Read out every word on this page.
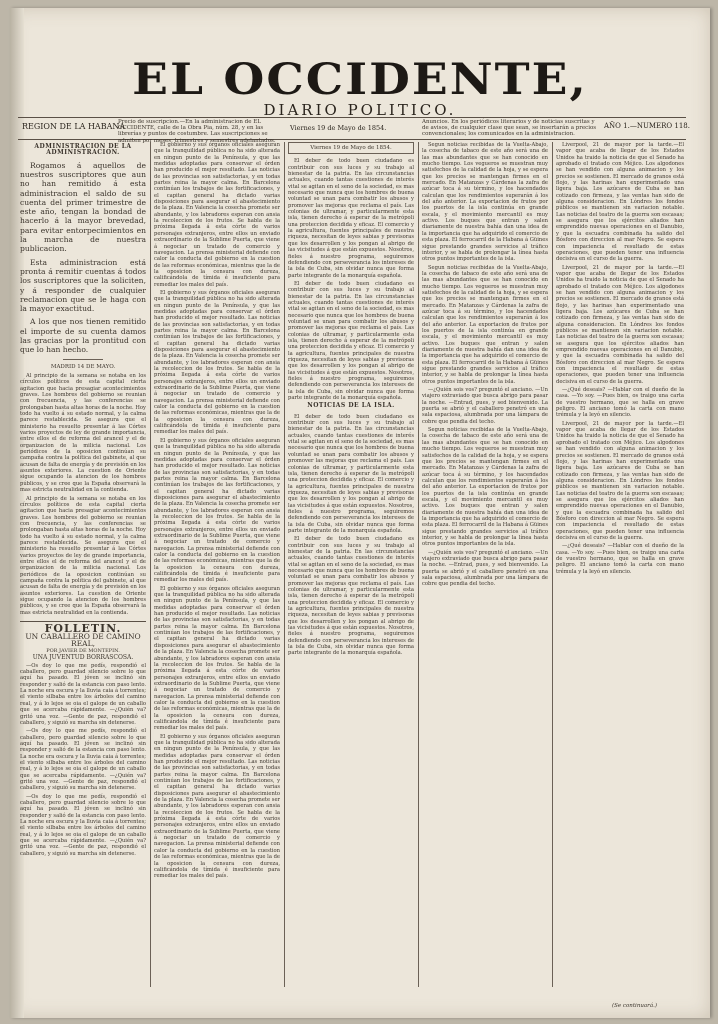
EL OCCIDENTE,
DIARIO POLITICO.
REGION DE LA HABANA
Precio de suscripcion.—En la administracion de EL OCCIDENTE, calle de la Obra Pia, núm. 28, y en las librerías y puntos de costumbre. Las suscripciones se admiten por meses, trimestres y semestres adelantados.
Viernes 19 de Mayo de 1854.
Anuncios. En los periódicos literarios y de noticias suscritas y de avisos, de cualquier clase que sean, se insertarán a precios convencionales; los comunicados en la administracion.
AÑO 1.—NUMERO 118.
ADMINISTRACION DE LA ADMINISTRACION.
Rogamos á aquellos de nuestros suscriptores que aun no han remitido á esta administracion el saldo de su cuenta del primer trimestre de este año, tengan la bondad de hacerlo á la mayor brevedad, para evitar entorpecimientos en la marcha de nuestra publicacion.
Esta administracion está pronta á remitir cuentas á todos los suscriptores que la soliciten, y á responder de cualquier reclamacion que se le haga con la mayor exactitud.
A los que nos tienen remitido el importe de su cuenta damos las gracias por la prontitud con que lo han hecho.
MADRID 14 DE MAYO.

Al principio de la semana se notaba en los círculos políticos de esta capital cierta agitacion que hacia presagiar acontecimientos graves. Los hombres del gobierno se reunian con frecuencia, y las conferencias se prolongaban hasta altas horas de la noche. Hoy todo ha vuelto á su estado normal, y la calma parece restablecida. Se asegura que el ministerio ha resuelto presentar á las Córtes varios proyectos de ley de grande importancia, entre ellos el de reforma del arancel y el de organizacion de la milicia nacional. Los periódicos de la oposicion continúan su campaña contra la política del gabinete, al que acusan de falta de energía y de previsión en los asuntos exteriores. La cuestion de Oriente sigue ocupando la atencion de los hombres públicos, y se cree que la España observará la mas estricta neutralidad en la contienda.

Al principio de la semana se notaba en los círculos políticos de esta capital cierta agitacion que hacia presagiar acontecimientos graves. Los hombres del gobierno se reunian con frecuencia, y las conferencias se prolongaban hasta altas horas de la noche. Hoy todo ha vuelto á su estado normal, y la calma parece restablecida. Se asegura que el ministerio ha resuelto presentar á las Córtes varios proyectos de ley de grande importancia, entre ellos el de reforma del arancel y el de organizacion de la milicia nacional. Los periódicos de la oposicion continúan su campaña contra la política del gabinete, al que acusan de falta de energía y de previsión en los asuntos exteriores. La cuestion de Oriente sigue ocupando la atencion de los hombres públicos, y se cree que la España observará la mas estricta neutralidad en la contienda.

FOLLETIN.
UN CABALLERO DE CAMINO REAL,
POR JAVIER DE MONTEPIN.
UNA JUVENTUD BORRASCOSA.

—Os doy lo que me pedís, respondió el caballero, pero guardad silencio sobre lo que aquí ha pasado. El jóven se inclinó sin responder y salió de la estancia con paso lento. La noche era oscura y la lluvia caia á torrentes; el viento silbaba entre los árboles del camino real, y á lo lejos se oia el galope de un caballo que se acercaba rápidamente. —¿Quién va? gritó una voz. —Gente de paz, respondió el caballero, y siguió su marcha sin detenerse.

—Os doy lo que me pedís, respondió el caballero, pero guardad silencio sobre lo que aquí ha pasado. El jóven se inclinó sin responder y salió de la estancia con paso lento. La noche era oscura y la lluvia caia á torrentes; el viento silbaba entre los árboles del camino real, y á lo lejos se oia el galope de un caballo que se acercaba rápidamente. —¿Quién va? gritó una voz. —Gente de paz, respondió el caballero, y siguió su marcha sin detenerse.

—Os doy lo que me pedís, respondió el caballero, pero guardad silencio sobre lo que aquí ha pasado. El jóven se inclinó sin responder y salió de la estancia con paso lento. La noche era oscura y la lluvia caia á torrentes; el viento silbaba entre los árboles del camino real, y á lo lejos se oia el galope de un caballo que se acercaba rápidamente. —¿Quién va? gritó una voz. —Gente de paz, respondió el caballero, y siguió su marcha sin detenerse.

El gobierno y sus órganos oficiales aseguran que la tranquilidad pública no ha sido alterada en ningun punto de la Península, y que las medidas adoptadas para conservar el órden han producido el mejor resultado. Las noticias de las provincias son satisfactorias, y en todas partes reina la mayor calma. En Barcelona continúan los trabajos de las fortificaciones, y el capitan general ha dictado varias disposiciones para asegurar el abastecimiento de la plaza. En Valencia la cosecha promete ser abundante, y los labradores esperan con ansia la recoleccion de los frutos. Se habla de la próxima llegada á esta córte de varios personajes extranjeros, entre ellos un enviado extraordinario de la Sublime Puerta, que viene á negociar un tratado de comercio y navegacion. La prensa ministerial defiende con calor la conducta del gobierno en la cuestion de las reformas económicas, mientras que la de la oposicion la censura con dureza, calificándola de tímida é insuficiente para remediar los males del país.

El gobierno y sus órganos oficiales aseguran que la tranquilidad pública no ha sido alterada en ningun punto de la Península, y que las medidas adoptadas para conservar el órden han producido el mejor resultado. Las noticias de las provincias son satisfactorias, y en todas partes reina la mayor calma. En Barcelona continúan los trabajos de las fortificaciones, y el capitan general ha dictado varias disposiciones para asegurar el abastecimiento de la plaza. En Valencia la cosecha promete ser abundante, y los labradores esperan con ansia la recoleccion de los frutos. Se habla de la próxima llegada á esta córte de varios personajes extranjeros, entre ellos un enviado extraordinario de la Sublime Puerta, que viene á negociar un tratado de comercio y navegacion. La prensa ministerial defiende con calor la conducta del gobierno en la cuestion de las reformas económicas, mientras que la de la oposicion la censura con dureza, calificándola de tímida é insuficiente para remediar los males del país.

El gobierno y sus órganos oficiales aseguran que la tranquilidad pública no ha sido alterada en ningun punto de la Península, y que las medidas adoptadas para conservar el órden han producido el mejor resultado. Las noticias de las provincias son satisfactorias, y en todas partes reina la mayor calma. En Barcelona continúan los trabajos de las fortificaciones, y el capitan general ha dictado varias disposiciones para asegurar el abastecimiento de la plaza. En Valencia la cosecha promete ser abundante, y los labradores esperan con ansia la recoleccion de los frutos. Se habla de la próxima llegada á esta córte de varios personajes extranjeros, entre ellos un enviado extraordinario de la Sublime Puerta, que viene á negociar un tratado de comercio y navegacion. La prensa ministerial defiende con calor la conducta del gobierno en la cuestion de las reformas económicas, mientras que la de la oposicion la censura con dureza, calificándola de tímida é insuficiente para remediar los males del país.

El gobierno y sus órganos oficiales aseguran que la tranquilidad pública no ha sido alterada en ningun punto de la Península, y que las medidas adoptadas para conservar el órden han producido el mejor resultado. Las noticias de las provincias son satisfactorias, y en todas partes reina la mayor calma. En Barcelona continúan los trabajos de las fortificaciones, y el capitan general ha dictado varias disposiciones para asegurar el abastecimiento de la plaza. En Valencia la cosecha promete ser abundante, y los labradores esperan con ansia la recoleccion de los frutos. Se habla de la próxima llegada á esta córte de varios personajes extranjeros, entre ellos un enviado extraordinario de la Sublime Puerta, que viene á negociar un tratado de comercio y navegacion. La prensa ministerial defiende con calor la conducta del gobierno en la cuestion de las reformas económicas, mientras que la de la oposicion la censura con dureza, calificándola de tímida é insuficiente para remediar los males del país.

El gobierno y sus órganos oficiales aseguran que la tranquilidad pública no ha sido alterada en ningun punto de la Península, y que las medidas adoptadas para conservar el órden han producido el mejor resultado. Las noticias de las provincias son satisfactorias, y en todas partes reina la mayor calma. En Barcelona continúan los trabajos de las fortificaciones, y el capitan general ha dictado varias disposiciones para asegurar el abastecimiento de la plaza. En Valencia la cosecha promete ser abundante, y los labradores esperan con ansia la recoleccion de los frutos. Se habla de la próxima llegada á esta córte de varios personajes extranjeros, entre ellos un enviado extraordinario de la Sublime Puerta, que viene á negociar un tratado de comercio y navegacion. La prensa ministerial defiende con calor la conducta del gobierno en la cuestion de las reformas económicas, mientras que la de la oposicion la censura con dureza, calificándola de tímida é insuficiente para remediar los males del país.

Viernes 19 de Mayo de 1854.

El deber de todo buen ciudadano es contribuir con sus luces y su trabajo al bienestar de la patria. En las circunstancias actuales, cuando tantas cuestiones de interés vital se agitan en el seno de la sociedad, es mas necesario que nunca que los hombres de buena voluntad se unan para combatir los abusos y promover las mejoras que reclama el país. Las colonias de ultramar, y particularmente esta isla, tienen derecho á esperar de la metrópoli una proteccion decidida y eficaz. El comercio y la agricultura, fuentes principales de nuestra riqueza, necesitan de leyes sabias y previsoras que los desarrollen y los pongan al abrigo de las vicisitudes á que están expuestos. Nosotros, fieles á nuestro programa, seguiremos defendiendo con perseverancia los intereses de la isla de Cuba, sin olvidar nunca que forma parte integrante de la monarquía española.

El deber de todo buen ciudadano es contribuir con sus luces y su trabajo al bienestar de la patria. En las circunstancias actuales, cuando tantas cuestiones de interés vital se agitan en el seno de la sociedad, es mas necesario que nunca que los hombres de buena voluntad se unan para combatir los abusos y promover las mejoras que reclama el país. Las colonias de ultramar, y particularmente esta isla, tienen derecho á esperar de la metrópoli una proteccion decidida y eficaz. El comercio y la agricultura, fuentes principales de nuestra riqueza, necesitan de leyes sabias y previsoras que los desarrollen y los pongan al abrigo de las vicisitudes á que están expuestos. Nosotros, fieles á nuestro programa, seguiremos defendiendo con perseverancia los intereses de la isla de Cuba, sin olvidar nunca que forma parte integrante de la monarquía española.

NOTICIAS DE LA ISLA.

El deber de todo buen ciudadano es contribuir con sus luces y su trabajo al bienestar de la patria. En las circunstancias actuales, cuando tantas cuestiones de interés vital se agitan en el seno de la sociedad, es mas necesario que nunca que los hombres de buena voluntad se unan para combatir los abusos y promover las mejoras que reclama el país. Las colonias de ultramar, y particularmente esta isla, tienen derecho á esperar de la metrópoli una proteccion decidida y eficaz. El comercio y la agricultura, fuentes principales de nuestra riqueza, necesitan de leyes sabias y previsoras que los desarrollen y los pongan al abrigo de las vicisitudes á que están expuestos. Nosotros, fieles á nuestro programa, seguiremos defendiendo con perseverancia los intereses de la isla de Cuba, sin olvidar nunca que forma parte integrante de la monarquía española.

El deber de todo buen ciudadano es contribuir con sus luces y su trabajo al bienestar de la patria. En las circunstancias actuales, cuando tantas cuestiones de interés vital se agitan en el seno de la sociedad, es mas necesario que nunca que los hombres de buena voluntad se unan para combatir los abusos y promover las mejoras que reclama el país. Las colonias de ultramar, y particularmente esta isla, tienen derecho á esperar de la metrópoli una proteccion decidida y eficaz. El comercio y la agricultura, fuentes principales de nuestra riqueza, necesitan de leyes sabias y previsoras que los desarrollen y los pongan al abrigo de las vicisitudes á que están expuestos. Nosotros, fieles á nuestro programa, seguiremos defendiendo con perseverancia los intereses de la isla de Cuba, sin olvidar nunca que forma parte integrante de la monarquía española.

Segun noticias recibidas de la Vuelta-Abajo, la cosecha de tabaco de este año será una de las mas abundantes que se han conocido en mucho tiempo. Los vegueros se muestran muy satisfechos de la calidad de la hoja, y se espera que los precios se mantengan firmes en el mercado. En Matanzas y Cárdenas la zafra de azúcar toca á su término, y los hacendados calculan que los rendimientos superarán á los del año anterior. La exportacion de frutos por los puertos de la isla continúa en grande escala, y el movimiento mercantil es muy activo. Los buques que entran y salen diariamente de nuestra bahía dan una idea de la importancia que ha adquirido el comercio de esta plaza. El ferrocarril de la Habana á Güines sigue prestando grandes servicios al tráfico interior, y se habla de prolongar la línea hasta otros puntos importantes de la isla.

Segun noticias recibidas de la Vuelta-Abajo, la cosecha de tabaco de este año será una de las mas abundantes que se han conocido en mucho tiempo. Los vegueros se muestran muy satisfechos de la calidad de la hoja, y se espera que los precios se mantengan firmes en el mercado. En Matanzas y Cárdenas la zafra de azúcar toca á su término, y los hacendados calculan que los rendimientos superarán á los del año anterior. La exportacion de frutos por los puertos de la isla continúa en grande escala, y el movimiento mercantil es muy activo. Los buques que entran y salen diariamente de nuestra bahía dan una idea de la importancia que ha adquirido el comercio de esta plaza. El ferrocarril de la Habana á Güines sigue prestando grandes servicios al tráfico interior, y se habla de prolongar la línea hasta otros puntos importantes de la isla.

—¿Quién sois vos? preguntó el anciano. —Un viajero extraviado que busca abrigo para pasar la noche. —Entrad, pues, y sed bienvenido. La puerta se abrió y el caballero penetró en una sala espaciosa, alumbrada por una lámpara de cobre que pendia del techo.

Segun noticias recibidas de la Vuelta-Abajo, la cosecha de tabaco de este año será una de las mas abundantes que se han conocido en mucho tiempo. Los vegueros se muestran muy satisfechos de la calidad de la hoja, y se espera que los precios se mantengan firmes en el mercado. En Matanzas y Cárdenas la zafra de azúcar toca á su término, y los hacendados calculan que los rendimientos superarán á los del año anterior. La exportacion de frutos por los puertos de la isla continúa en grande escala, y el movimiento mercantil es muy activo. Los buques que entran y salen diariamente de nuestra bahía dan una idea de la importancia que ha adquirido el comercio de esta plaza. El ferrocarril de la Habana á Güines sigue prestando grandes servicios al tráfico interior, y se habla de prolongar la línea hasta otros puntos importantes de la isla.

—¿Quién sois vos? preguntó el anciano. —Un viajero extraviado que busca abrigo para pasar la noche. —Entrad, pues, y sed bienvenido. La puerta se abrió y el caballero penetró en una sala espaciosa, alumbrada por una lámpara de cobre que pendia del techo.

Liverpool, 21 de mayor por la tarde.—El vapor que acaba de llegar de los Estados Unidos ha traido la noticia de que el Senado ha aprobado el tratado con Méjico. Los algodones se han vendido con alguna animacion y los precios se sostienen. El mercado de granos está flojo, y las harinas han experimentado una ligera baja. Los azúcares de Cuba se han cotizado con firmeza, y las ventas han sido de alguna consideracion. En Lóndres los fondos públicos se mantienen sin variacion notable. Las noticias del teatro de la guerra son escasas; se asegura que los ejércitos aliados han emprendido nuevas operaciones en el Danubio, y que la escuadra combinada ha salido del Bósforo con direccion al mar Negro. Se espera con impaciencia el resultado de estas operaciones, que pueden tener una influencia decisiva en el curso de la guerra.

Liverpool, 21 de mayor por la tarde.—El vapor que acaba de llegar de los Estados Unidos ha traido la noticia de que el Senado ha aprobado el tratado con Méjico. Los algodones se han vendido con alguna animacion y los precios se sostienen. El mercado de granos está flojo, y las harinas han experimentado una ligera baja. Los azúcares de Cuba se han cotizado con firmeza, y las ventas han sido de alguna consideracion. En Lóndres los fondos públicos se mantienen sin variacion notable. Las noticias del teatro de la guerra son escasas; se asegura que los ejércitos aliados han emprendido nuevas operaciones en el Danubio, y que la escuadra combinada ha salido del Bósforo con direccion al mar Negro. Se espera con impaciencia el resultado de estas operaciones, que pueden tener una influencia decisiva en el curso de la guerra.

—¿Qué deseais? —Hablar con el dueño de la casa. —Yo soy. —Pues bien, os traigo una carta de vuestro hermano, que se halla en grave peligro. El anciano tomó la carta con mano trémula y la leyó en silencio.

Liverpool, 21 de mayor por la tarde.—El vapor que acaba de llegar de los Estados Unidos ha traido la noticia de que el Senado ha aprobado el tratado con Méjico. Los algodones se han vendido con alguna animacion y los precios se sostienen. El mercado de granos está flojo, y las harinas han experimentado una ligera baja. Los azúcares de Cuba se han cotizado con firmeza, y las ventas han sido de alguna consideracion. En Lóndres los fondos públicos se mantienen sin variacion notable. Las noticias del teatro de la guerra son escasas; se asegura que los ejércitos aliados han emprendido nuevas operaciones en el Danubio, y que la escuadra combinada ha salido del Bósforo con direccion al mar Negro. Se espera con impaciencia el resultado de estas operaciones, que pueden tener una influencia decisiva en el curso de la guerra.

—¿Qué deseais? —Hablar con el dueño de la casa. —Yo soy. —Pues bien, os traigo una carta de vuestro hermano, que se halla en grave peligro. El anciano tomó la carta con mano trémula y la leyó en silencio.

(Se continuará.)
